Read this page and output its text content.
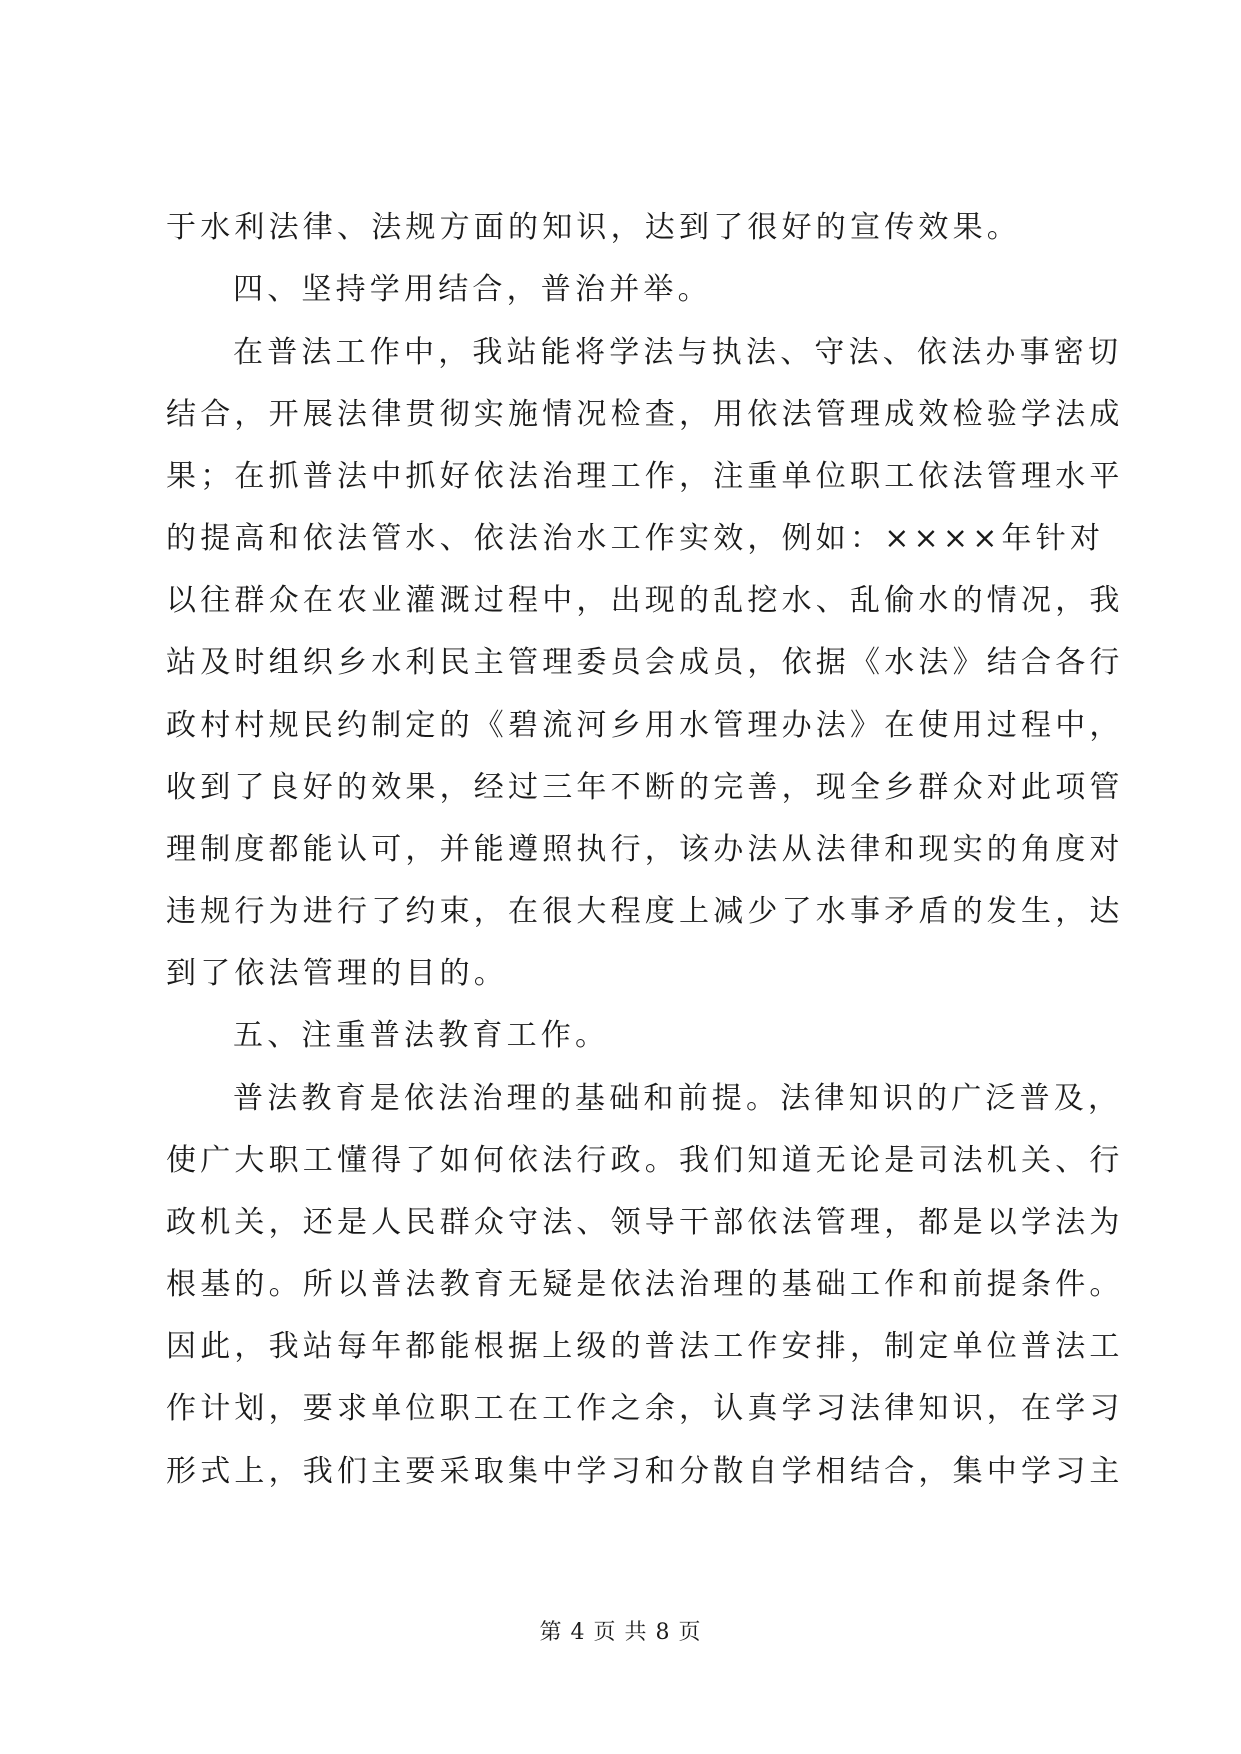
于水利法律、法规方面的知识，达到了很好的宣传效果。
四、坚持学用结合，普治并举。
在普法工作中，我站能将学法与执法、守法、依法办事密切
结合，开展法律贯彻实施情况检查，用依法管理成效检验学法成
果；在抓普法中抓好依法治理工作，注重单位职工依法管理水平
的提高和依法管水、依法治水工作实效，例如：××××年针对
以往群众在农业灌溉过程中，出现的乱挖水、乱偷水的情况，我
站及时组织乡水利民主管理委员会成员，依据《水法》结合各行
政村村规民约制定的《碧流河乡用水管理办法》在使用过程中，
收到了良好的效果，经过三年不断的完善，现全乡群众对此项管
理制度都能认可，并能遵照执行，该办法从法律和现实的角度对
违规行为进行了约束，在很大程度上减少了水事矛盾的发生，达
到了依法管理的目的。
五、注重普法教育工作。
普法教育是依法治理的基础和前提。法律知识的广泛普及，
使广大职工懂得了如何依法行政。我们知道无论是司法机关、行
政机关，还是人民群众守法、领导干部依法管理，都是以学法为
根基的。所以普法教育无疑是依法治理的基础工作和前提条件。
因此，我站每年都能根据上级的普法工作安排，制定单位普法工
作计划，要求单位职工在工作之余，认真学习法律知识，在学习
形式上，我们主要采取集中学习和分散自学相结合，集中学习主
第 4 页 共 8 页
